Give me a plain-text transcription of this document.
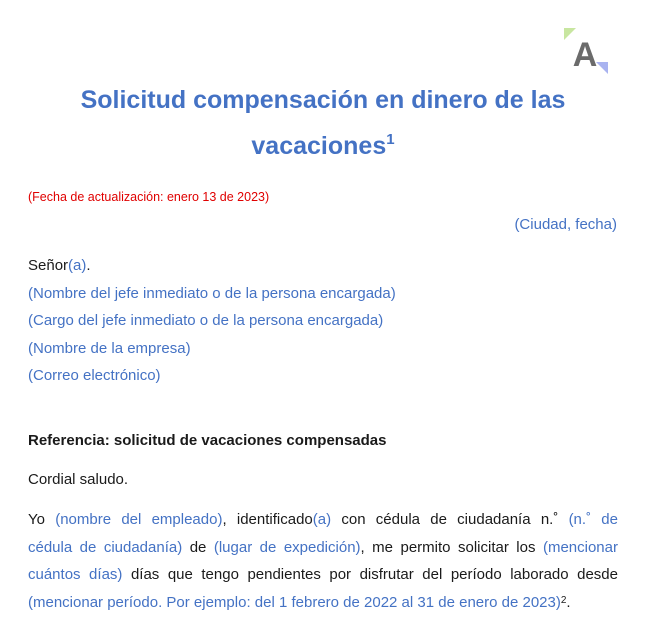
A
Solicitud compensación en dinero de las
vacaciones$^1$
(Fecha de actualización: enero 13 de 2023)
(Ciudad, fecha)
Señor(a).
(Nombre del jefe inmediato o de la persona encargada)
(Cargo del jefe inmediato o de la persona encargada)
(Nombre de la empresa)
(Correo electrónico)
Referencia: solicitud de vacaciones compensadas
Cordial saludo.
Yo (nombre del empleado), identificado(a) con cédula de ciudadanía n.˚ (n.˚ de
cédula de ciudadanía) de (lugar de expedición), me permito solicitar los (mencionar
cuántos días) días que tengo pendientes por disfrutar del período laborado desde
(mencionar período. Por ejemplo: del 1 febrero de 2022 al 31 de enero de 2023)$^2$.
